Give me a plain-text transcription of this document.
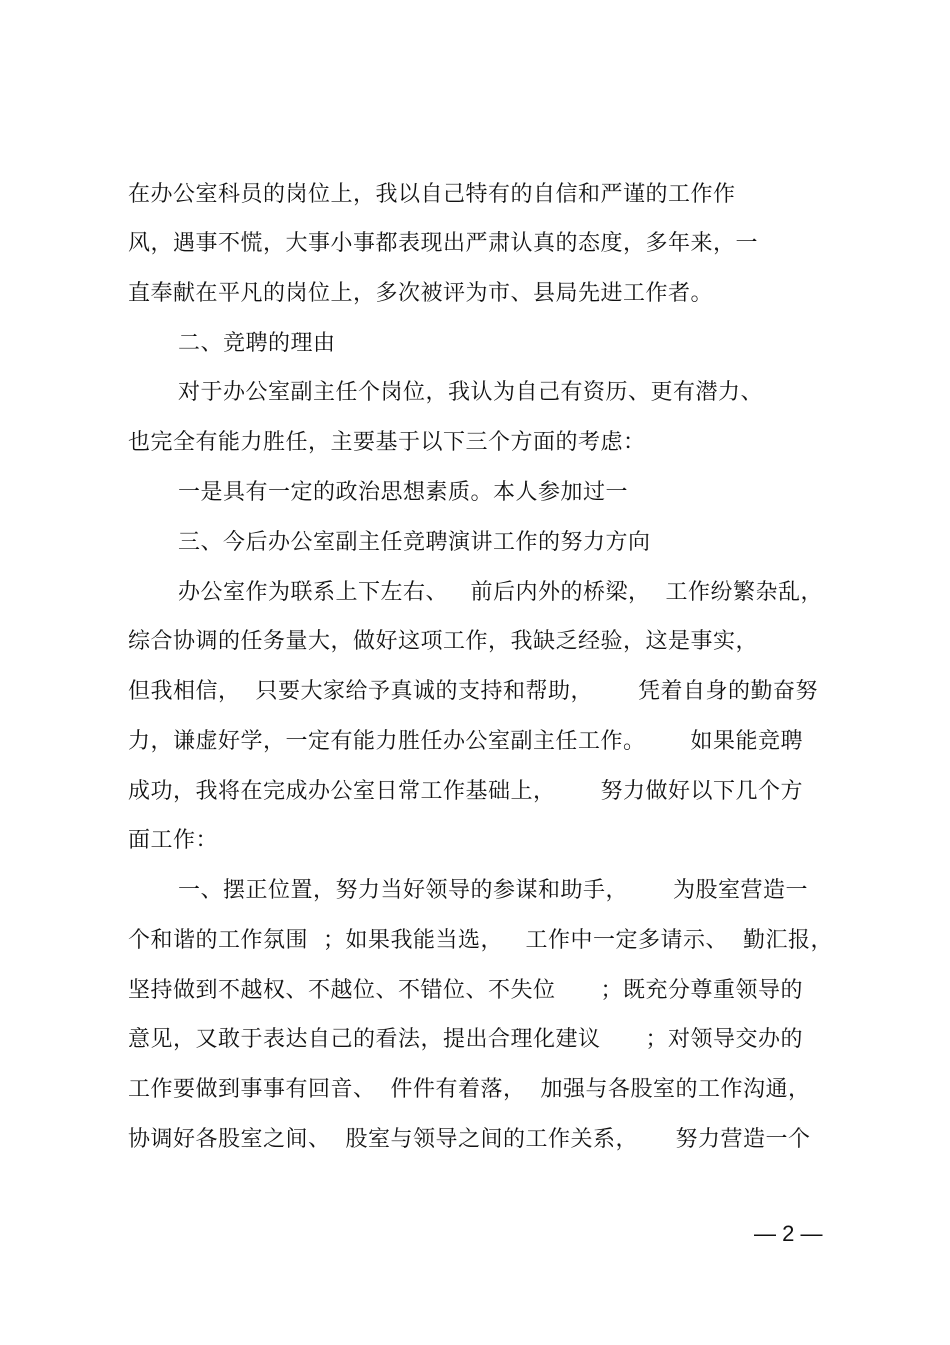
在办公室科员的岗位上，我以自己特有的自信和严谨的工作作
风，遇事不慌，大事小事都表现出严肃认真的态度，多年来，一
直奉献在平凡的岗位上，多次被评为市、县局先进工作者。
二、竞聘的理由
对于办公室副主任个岗位，我认为自己有资历、更有潜力、
也完全有能力胜任，主要基于以下三个方面的考虑：
一是具有一定的政治思想素质。本人参加过一
三、今后办公室副主任竞聘演讲工作的努力方向
办公室作为联系上下左右、   前后内外的桥梁，  工作纷繁杂乱，
综合协调的任务量大，做好这项工作，我缺乏经验，这是事实，
但我相信，  只要大家给予真诚的支持和帮助，      凭着自身的勤奋努
力，谦虚好学，一定有能力胜任办公室副主任工作。      如果能竞聘
成功，我将在完成办公室日常工作基础上，      努力做好以下几个方
面工作：
一、摆正位置，努力当好领导的参谋和助手，      为股室营造一
个和谐的工作氛围  ；如果我能当选，   工作中一定多请示、  勤汇报，
坚持做到不越权、不越位、不错位、不失位      ；既充分尊重领导的
意见，又敢于表达自己的看法，提出合理化建议      ；对领导交办的
工作要做到事事有回音、  件件有着落，  加强与各股室的工作沟通，
协调好各股室之间、  股室与领导之间的工作关系，     努力营造一个
— 2 —
